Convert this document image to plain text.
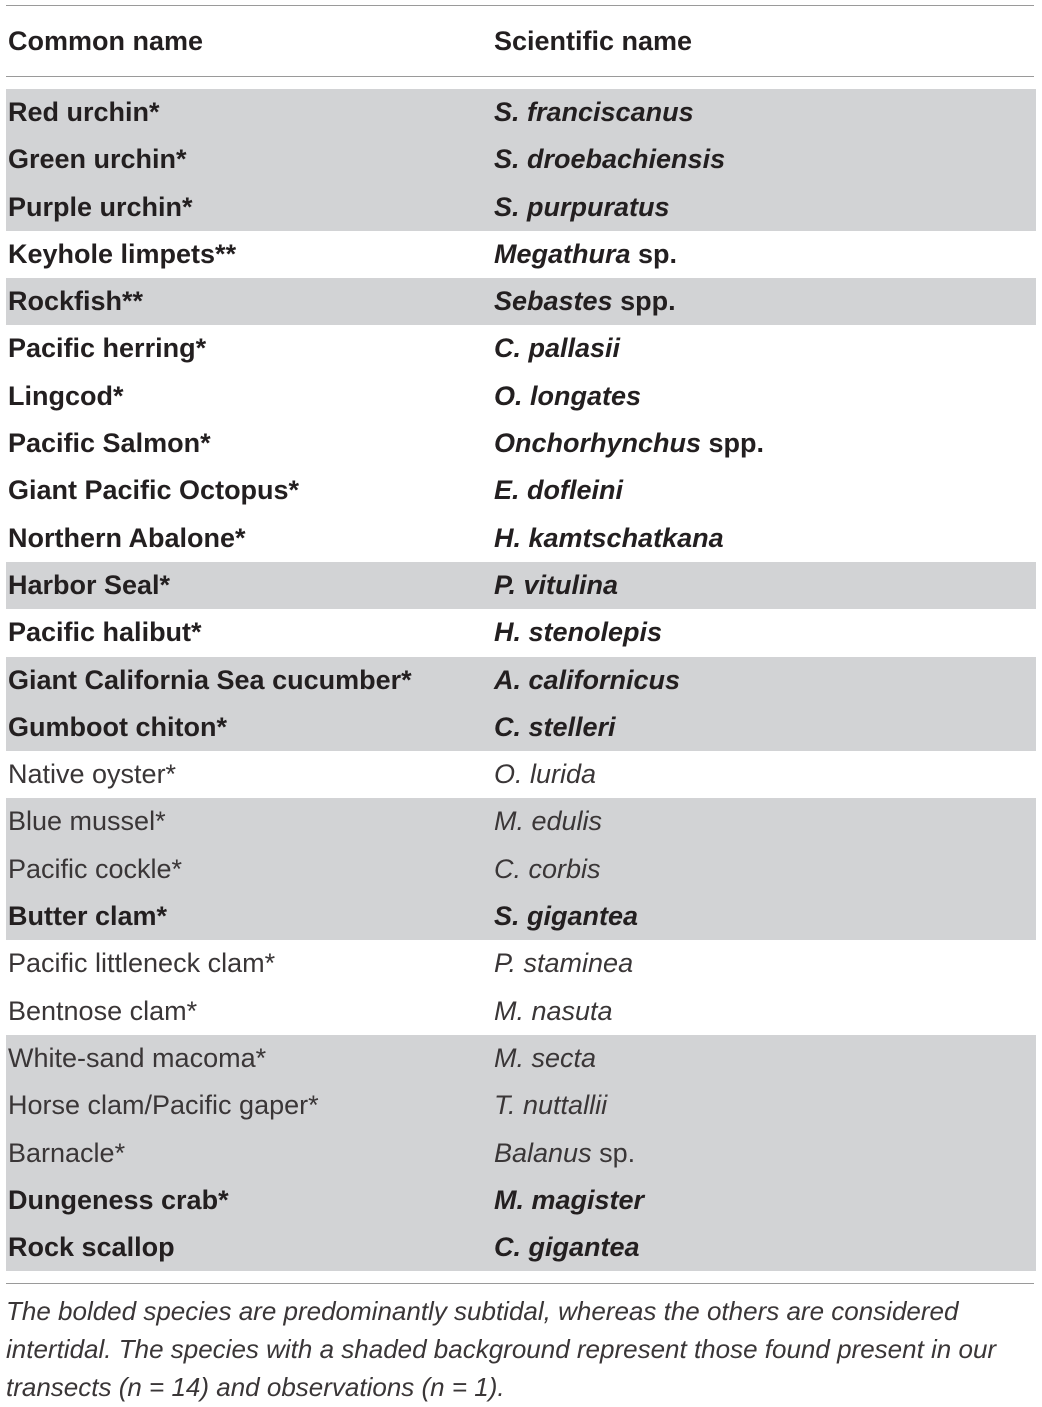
Common name	Scientific name
Red urchin*	S. franciscanus
Green urchin*	S. droebachiensis
Purple urchin*	S. purpuratus
Keyhole limpets**	Megathura sp.
Rockfish**	Sebastes spp.
Pacific herring*	C. pallasii
Lingcod*	O. longates
Pacific Salmon*	Onchorhynchus spp.
Giant Pacific Octopus*	E. dofleini
Northern Abalone*	H. kamtschatkana
Harbor Seal*	P. vitulina
Pacific halibut*	H. stenolepis
Giant California Sea cucumber*	A. californicus
Gumboot chiton*	C. stelleri
Native oyster*	O. lurida
Blue mussel*	M. edulis
Pacific cockle*	C. corbis
Butter clam*	S. gigantea
Pacific littleneck clam*	P. staminea
Bentnose clam*	M. nasuta
White-sand macoma*	M. secta
Horse clam/Pacific gaper*	T. nuttallii
Barnacle*	Balanus sp.
Dungeness crab*	M. magister
Rock scallop	C. gigantea
The bolded species are predominantly subtidal, whereas the others are considered intertidal. The species with a shaded background represent those found present in our transects (n = 14) and observations (n = 1).
